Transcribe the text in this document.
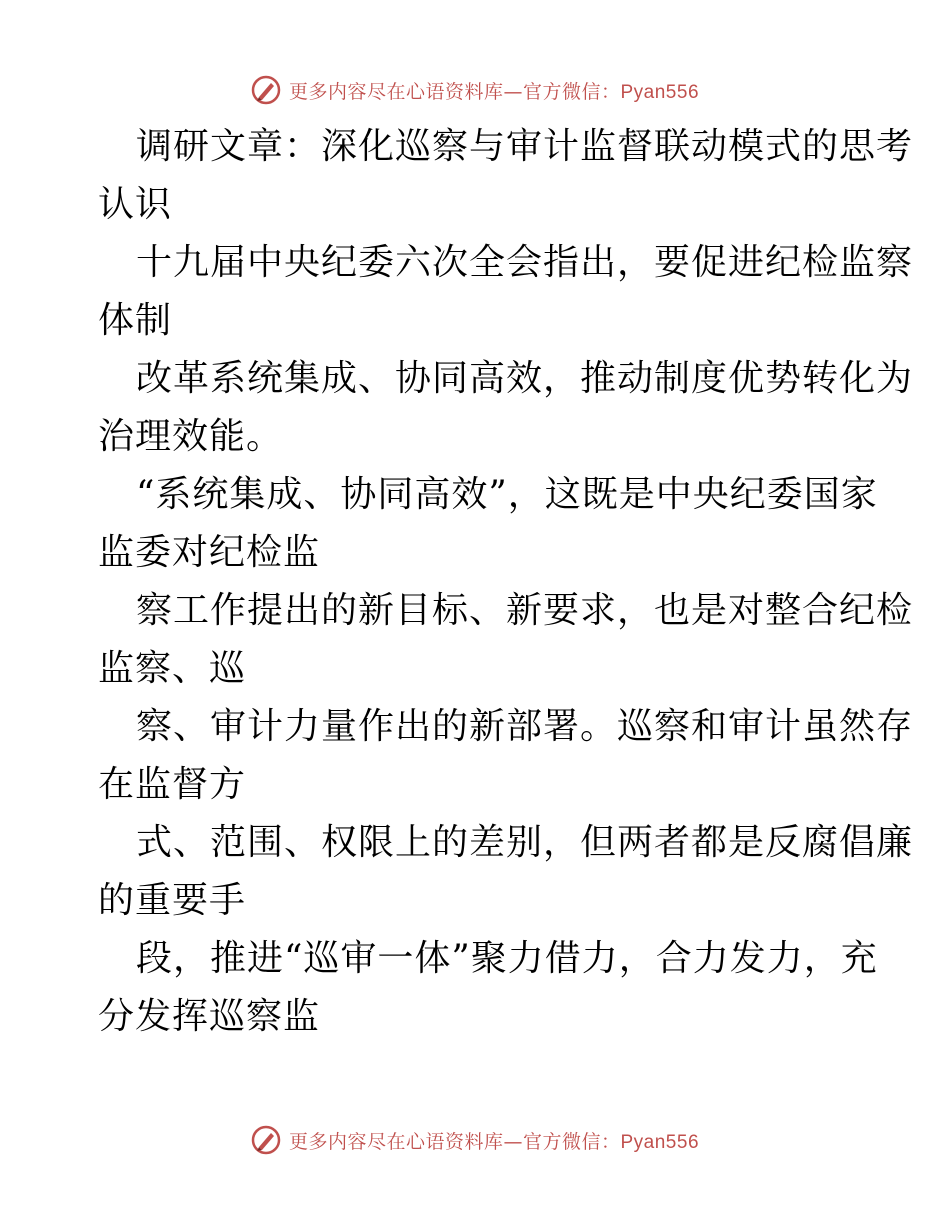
更多内容尽在心语资料库—官方微信：Pyan556
调研文章：深化巡察与审计监督联动模式的思考
认识
十九届中央纪委六次全会指出，要促进纪检监察
体制
改革系统集成、协同高效，推动制度优势转化为
治理效能。
“系统集成、协同高效”，这既是中央纪委国家
监委对纪检监
察工作提出的新目标、新要求，也是对整合纪检
监察、巡
察、审计力量作出的新部署。巡察和审计虽然存
在监督方
式、范围、权限上的差别，但两者都是反腐倡廉
的重要手
段，推进“巡审一体”聚力借力，合力发力，充
分发挥巡察监
更多内容尽在心语资料库—官方微信：Pyan556
